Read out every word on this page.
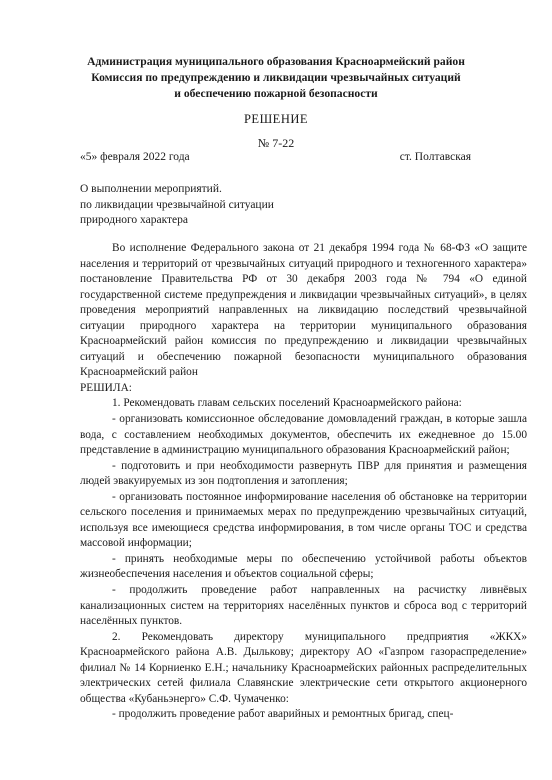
Администрация муниципального образования Красноармейский район
Комиссия по предупреждению и ликвидации чрезвычайных ситуаций
и обеспечению пожарной безопасности
РЕШЕНИЕ
№ 7-22
«5» февраля 2022 года	ст. Полтавская
О выполнении мероприятий.
по ликвидации чрезвычайной ситуации
природного характера

Во исполнение Федерального закона от 21 декабря 1994 года № 68-ФЗ «О защите населения и территорий от чрезвычайных ситуаций природного и техногенного характера» постановление Правительства РФ от 30 декабря 2003 года № 794 «О единой государственной системе предупреждения и ликвидации чрезвычайных ситуаций», в целях проведения мероприятий направленных на ликвидацию последствий чрезвычайной ситуации природного характера на территории муниципального образования Красноармейский район комиссия по предупреждению и ликвидации чрезвычайных ситуаций и обеспечению пожарной безопасности муниципального образования Красноармейский район

РЕШИЛА:

1. Рекомендовать главам сельских поселений Красноармейского района:

- организовать комиссионное обследование домовладений граждан, в которые зашла вода, с составлением необходимых документов, обеспечить их ежедневное до 15.00 представление в администрацию муниципального образования Красноармейский район;

- подготовить и при необходимости развернуть ПВР для принятия и размещения людей эвакуируемых из зон подтопления и затопления;

- организовать постоянное информирование населения об обстановке на территории сельского поселения и принимаемых мерах по предупреждению чрезвычайных ситуаций, используя все имеющиеся средства информирования, в том числе органы ТОС и средства массовой информации;

- принять необходимые меры по обеспечению устойчивой работы объектов жизнеобеспечения населения и объектов социальной сферы;

- продолжить проведение работ направленных на расчистку ливнёвых канализационных систем на территориях населённых пунктов и сброса вод с территорий населённых пунктов.

2. Рекомендовать директору муниципального предприятия «ЖКХ» Красноармейского района А.В. Дылькову; директору АО «Газпром газораспределение» филиал № 14 Корниенко Е.Н.; начальнику Красноармейских районных распределительных электрических сетей филиала Славянские электрические сети открытого акционерного общества «Кубаньэнерго» С.Ф. Чумаченко:

- продолжить проведение работ аварийных и ремонтных бригад, спец-
